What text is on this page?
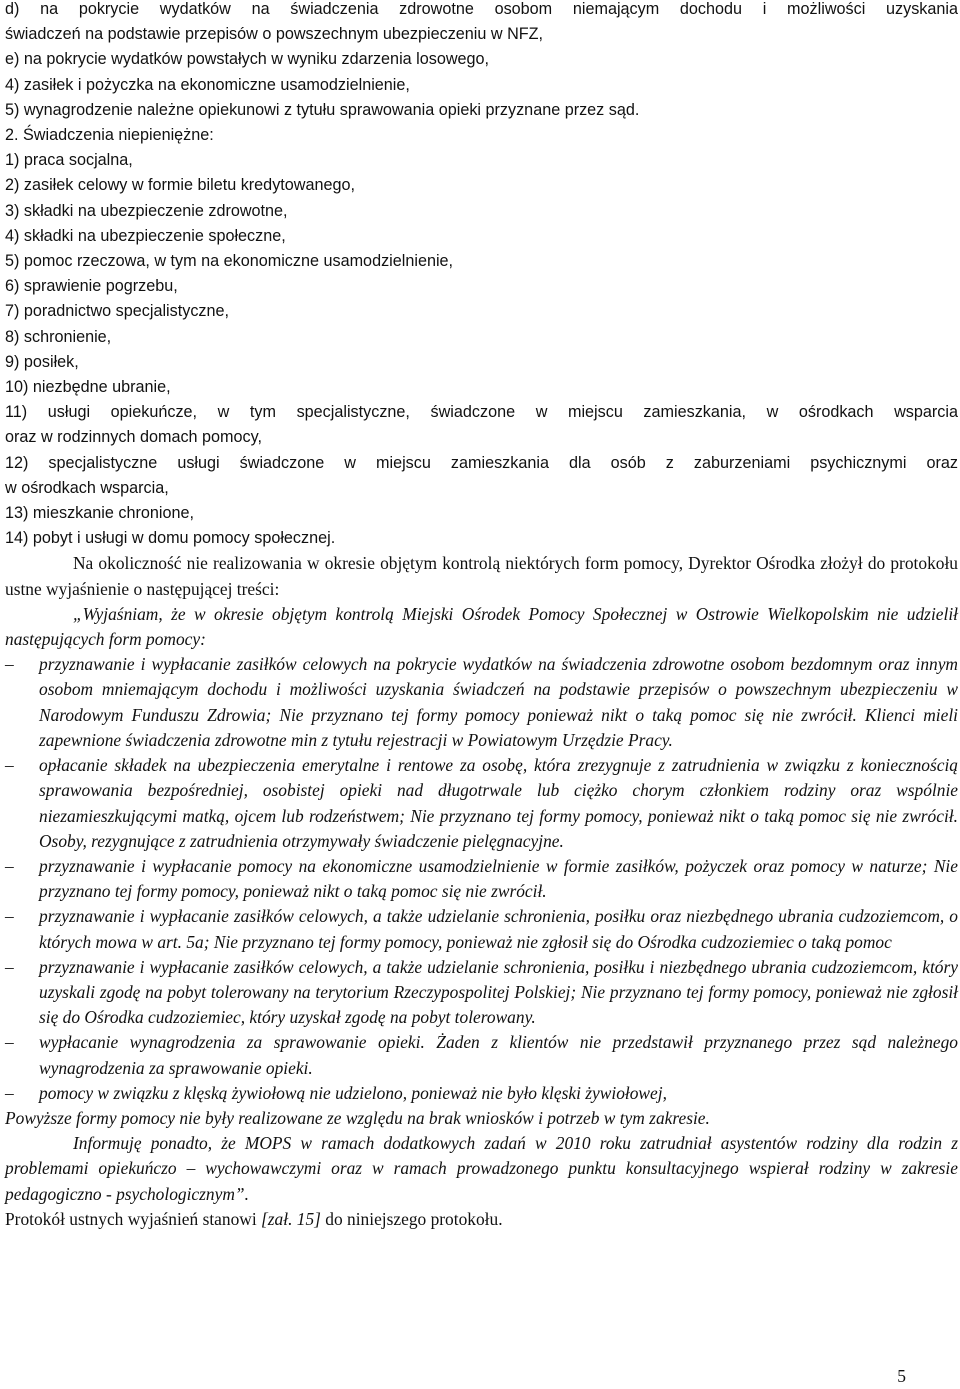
d) na pokrycie wydatków na świadczenia zdrowotne osobom niemającym dochodu i możliwości uzyskania
świadczeń na podstawie przepisów o powszechnym ubezpieczeniu w NFZ,
e) na pokrycie wydatków powstałych w wyniku zdarzenia losowego,
4) zasiłek i pożyczka na ekonomiczne usamodzielnienie,
5) wynagrodzenie należne opiekunowi z tytułu sprawowania opieki przyznane przez sąd.
2. Świadczenia niepieniężne:
1) praca socjalna,
2) zasiłek celowy w formie biletu kredytowanego,
3) składki na ubezpieczenie zdrowotne,
4) składki na ubezpieczenie społeczne,
5) pomoc rzeczowa, w tym na ekonomiczne usamodzielnienie,
6) sprawienie pogrzebu,
7) poradnictwo specjalistyczne,
8) schronienie,
9) posiłek,
10) niezbędne ubranie,
11) usługi opiekuńcze, w tym specjalistyczne, świadczone w miejscu zamieszkania, w ośrodkach wsparcia
oraz w rodzinnych domach pomocy,
12) specjalistyczne usługi świadczone w miejscu zamieszkania dla osób z zaburzeniami psychicznymi oraz
w ośrodkach wsparcia,
13) mieszkanie chronione,
14) pobyt i usługi w domu pomocy społecznej.
Na okoliczność nie realizowania w okresie objętym kontrolą niektórych form pomocy, Dyrektor Ośrodka złożył do protokołu ustne wyjaśnienie o następującej treści:
„Wyjaśniam, że w okresie objętym kontrolą Miejski Ośrodek Pomocy Społecznej w Ostrowie Wielkopolskim nie udzielił następujących form pomocy:
– przyznawanie i wypłacanie zasiłków celowych na pokrycie wydatków na świadczenia zdrowotne osobom bezdomnym oraz innym osobom mniemającym dochodu i możliwości uzyskania świadczeń na podstawie przepisów o powszechnym ubezpieczeniu w Narodowym Funduszu Zdrowia; Nie przyznano tej formy pomocy ponieważ nikt o taką pomoc się nie zwrócił. Klienci mieli zapewnione świadczenia zdrowotne min z tytułu rejestracji w Powiatowym Urzędzie Pracy.
– opłacanie składek na ubezpieczenia emerytalne i rentowe za osobę, która zrezygnuje z zatrudnienia w związku z koniecznością sprawowania bezpośredniej, osobistej opieki nad długotrwale lub ciężko chorym członkiem rodziny oraz wspólnie niezamieszkującymi matką, ojcem lub rodzeństwem; Nie przyznano tej formy pomocy, ponieważ nikt o taką pomoc się nie zwrócił. Osoby, rezygnujące z zatrudnienia otrzymywały świadczenie pielęgnacyjne.
– przyznawanie i wypłacanie pomocy na ekonomiczne usamodzielnienie w formie zasiłków, pożyczek oraz pomocy w naturze; Nie przyznano tej formy pomocy, ponieważ nikt o taką pomoc się nie zwrócił.
– przyznawanie i wypłacanie zasiłków celowych, a także udzielanie schronienia, posiłku oraz niezbędnego ubrania cudzoziemcom, o których mowa w art. 5a; Nie przyznano tej formy pomocy, ponieważ nie zgłosił się do Ośrodka cudzoziemiec o taką pomoc
– przyznawanie i wypłacanie zasiłków celowych, a także udzielanie schronienia, posiłku i niezbędnego ubrania cudzoziemcom, który uzyskali zgodę na pobyt tolerowany na terytorium Rzeczypospolitej Polskiej; Nie przyznano tej formy pomocy, ponieważ nie zgłosił się do Ośrodka cudzoziemiec, który uzyskał zgodę na pobyt tolerowany.
– wypłacanie wynagrodzenia za sprawowanie opieki. Żaden z klientów nie przedstawił przyznanego przez sąd należnego wynagrodzenia za sprawowanie opieki.
– pomocy w związku z klęską żywiołową nie udzielono, ponieważ nie było klęski żywiołowej,
Powyższe formy pomocy nie były realizowane ze względu na brak wniosków i potrzeb w tym zakresie.
Informuję ponadto, że MOPS w ramach dodatkowych zadań w 2010 roku zatrudniał asystentów rodziny dla rodzin z problemami opiekuńczo – wychowawczymi oraz w ramach prowadzonego punktu konsultacyjnego wspierał rodziny w zakresie pedagogiczno - psychologicznym”.
Protokół ustnych wyjaśnień stanowi [zał. 15] do niniejszego protokołu.
5
